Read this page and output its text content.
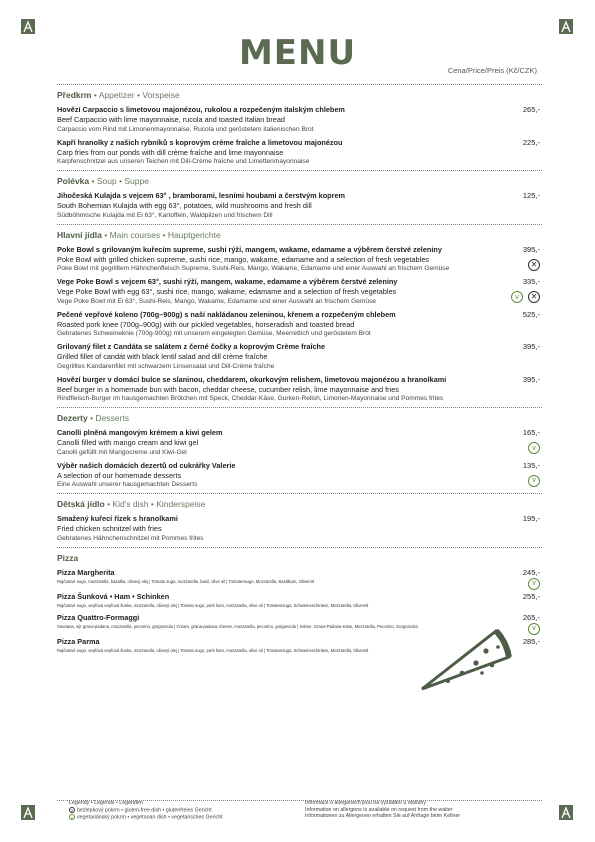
MENU	Cena/Price/Preis (Kč/CZK)
Předkrm • Appetizer • Vorspeise
Hovězí Carpaccio s limetovou majonézou, rukolou a rozpečeným italským chlebem
Beef Carpaccio with lime mayonnaise, rucola and toasted Italian bread
Carpaccio vom Rind mit Limonenmayonnaise, Rucola und geröstetem italienischen Brot
265,-
Kapří hranolky z našich rybníků s koprovým crème fraîche a limetovou majonézou
Carp fries from our ponds with dill crème fraîche and lime mayonnaise
Karpfenschnitzel aus unseren Teichen mit Dill-Crème fraîche und Limettenmayonnaise
225,-
Polévka • Soup • Suppe
Jihočeská Kulajda s vejcem 63° , bramborami, lesními houbami a čerstvým koprem
South Bohemian Kulajda with egg 63°, potatoes, wild mushrooms and fresh dill
Südböhmische Kulajda mit Ei 63°, Kartoffeln, Waldpilzen und frischem Dill
125,-
Hlavní jídla • Main courses • Hauptgerichte
Poke Bowl s grilovaným kuřecím supreme, sushi rýží, mangem, wakame, edamame a výběrem čerstvé zeleniny
Poke Bowl with grilled chicken supreme, sushi rice, mango, wakame, edamame and a selection of fresh vegetables
Poke Bowl mit gegrilltem Hähnchenfleisch Supreme, Sushi-Reis, Mango, Wakame, Edamame und einer Auswahl an frischem Gemüse
395,-
✕
Vege Poke Bowl s vejcem 63°, sushi rýží, mangem, wakame, edamame a výběrem čerstvé zeleniny
Vege Poke Bowl with egg 63°, sushi rice, mango, wakame, edamame and a selection of fresh vegetables
Vege Poke Bowl mit Ei 63°, Sushi-Reis, Mango, Wakame, Edamame und einer Auswahl an frischem Gemüse
335,-
v	✕
Pečené vepřové koleno (700g–900g) s naší nakládanou zeleninou, křenem a rozpečeným chlebem
Roasted pork knee (700g–900g) with our pickled vegetables, horseradish and toasted bread
Gebratenes Schweineknie (700g-900g) mit unserem eingelegten Gemüse, Meerrettich und geröstetem Brot
525,-
Grilovaný filet z Candáta se salátem z černé čočky a koprovým Crème fraîche
Grilled fillet of candát with black lentil salad and dill crème fraîche
Gegrilltes Kandarenfilet mit schwarzem Linsensalat und Dill-Crème fraîche
395,-
Hovězí burger v domácí bulce se slaninou, cheddarem, okurkovým relishem, limetovou majonézou a hranolkami
Beef burger in a homemade bun with bacon, cheddar cheese, cucumber relish, lime mayonnaise and fries
Rindfleisch-Burger im hausgemachten Brötchen mit Speck, Cheddar-Käse, Gurken-Relish, Limonen-Mayonnaise und Pommes frites
395,-
Dezerty • Desserts
Canolli plněná mangovým krémem a kiwi gelem
Canolli filled with mango cream and kiwi gel
Canolli gefüllt mit Mangocreme und Kiwi-Gel
165,-
v
Výběr našich domácích dezertů od cukrářky Valerie
A selection of our homemade desserts
Eine Auswahl unserer hausgemachten Desserts
135,-
v
Dětská jídlo • Kid's dish • Kinderspeise
Smažený kuřecí řízek s hranolkami
Fried chicken schnitzel with fries
Gebratenes Hähnchenschnitzel mit Pommes frites
195,-
Pizza
Pizza Margherita
Rajčatové sugo, mozzarella, bazalka, olivový olej | Tomato sugo, mozzarella, basil, olive oil | Tomatensugo, Mozzarella, Basilikum, Olivenöl
245,-
v
Pizza Šunková • Ham • Schinken
Rajčatové sugo, vepřová vepřová šunka, mozzarella, olivový olej | Tomato sugo, pork ham, mozzarella, olive oil | Tomatensugo, Schweineschinken, Mozzarella, Olivenöl
255,-
Pizza Quattro-Formaggi
Smetana, sýr grana-padana, mozzarella, pecorino, gorgonzola | Cream, grana-padana cheese, mozzarella, pecorino, gorgonzola | Sahne, Grana-Padana-Käse, Mozzarella, Pecorino, Gorgonzola
265,-
v
Pizza Parma
Rajčatové sugo, vepřová vepřová šunka, mozzarella, olivový olej | Tomato sugo, pork ham, mozzarella, olive oil | Tomatensugo, Schweineschinken, Mozzarella, Olivenöl
285,-
Legendy • Legends • Legenden
✕ bezlepkový pokrm • gluten-free dish • glutenfreies Gericht
v vegetariánský pokrm • vegetarian dish • vegetarisches Gericht
Informace o alergenech jsou na vyžádání u obsluhy
Information on allergens is available on request from the waiter
Informationen zu Allergenen erhalten Sie auf Anfrage beim Kellner
